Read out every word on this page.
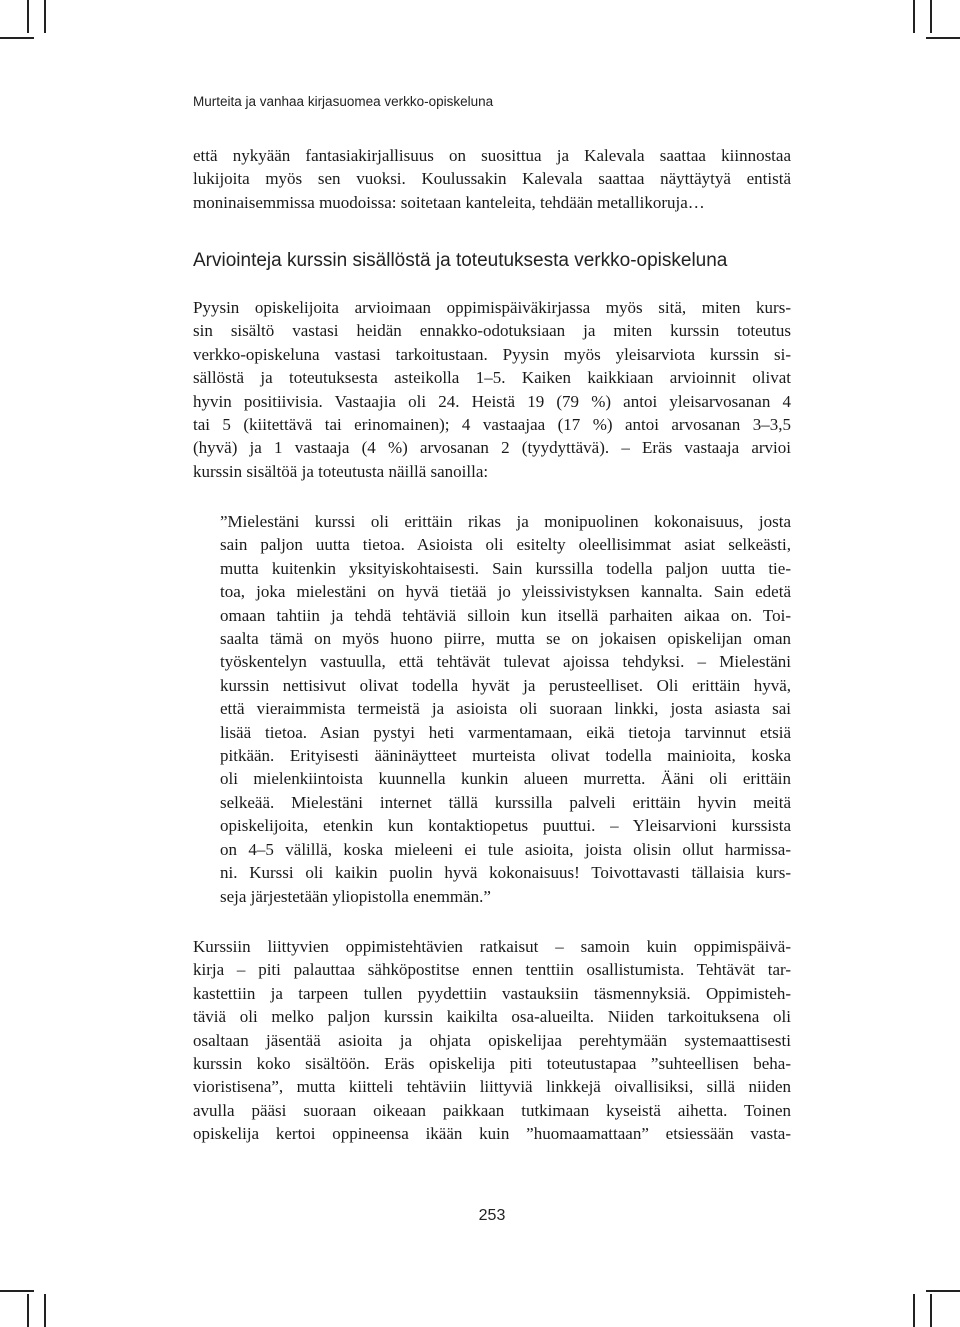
Murteita ja vanhaa kirjasuomea verkko-opiskeluna
että nykyään fantasiakirjallisuus on suosittua ja Kalevala saattaa kiinnostaa
lukijoita myös sen vuoksi. Koulussakin Kalevala saattaa näyttäytyä entistä
moninaisemmissa muodoissa: soitetaan kanteleita, tehdään metallikoruja…
Arviointeja kurssin sisällöstä ja toteutuksesta verkko-opiskeluna
Pyysin opiskelijoita arvioimaan oppimispäiväkirjassa myös sitä, miten kurs-
sin sisältö vastasi heidän ennakko-odotuksiaan ja miten kurssin toteutus
verkko-opiskeluna vastasi tarkoitustaan. Pyysin myös yleisarviota kurssin si-
sällöstä ja toteutuksesta asteikolla 1–5. Kaiken kaikkiaan arvioinnit olivat
hyvin positiivisia. Vastaajia oli 24. Heistä 19 (79 %) antoi yleisarvosanan 4
tai 5 (kiitettävä tai erinomainen); 4 vastaajaa (17 %) antoi arvosanan 3–3,5
(hyvä) ja 1 vastaaja (4 %) arvosanan 2 (tyydyttävä). – Eräs vastaaja arvioi
kurssin sisältöä ja toteutusta näillä sanoilla:
”Mielestäni kurssi oli erittäin rikas ja monipuolinen kokonaisuus, josta
sain paljon uutta tietoa. Asioista oli esitelty oleellisimmat asiat selkeästi,
mutta kuitenkin yksityiskohtaisesti. Sain kurssilla todella paljon uutta tie-
toa, joka mielestäni on hyvä tietää jo yleissivistyksen kannalta. Sain edetä
omaan tahtiin ja tehdä tehtäviä silloin kun itsellä parhaiten aikaa on. Toi-
saalta tämä on myös huono piirre, mutta se on jokaisen opiskelijan oman
työskentelyn vastuulla, että tehtävät tulevat ajoissa tehdyksi. – Mielestäni
kurssin nettisivut olivat todella hyvät ja perusteelliset. Oli erittäin hyvä,
että vieraimmista termeistä ja asioista oli suoraan linkki, josta asiasta sai
lisää tietoa. Asian pystyi heti varmentamaan, eikä tietoja tarvinnut etsiä
pitkään. Erityisesti ääninäytteet murteista olivat todella mainioita, koska
oli mielenkiintoista kuunnella kunkin alueen murretta. Ääni oli erittäin
selkeää. Mielestäni internet tällä kurssilla palveli erittäin hyvin meitä
opiskelijoita, etenkin kun kontaktiopetus puuttui. – Yleisarvioni kurssista
on 4–5 välillä, koska mieleeni ei tule asioita, joista olisin ollut harmissa-
ni. Kurssi oli kaikin puolin hyvä kokonaisuus! Toivottavasti tällaisia kurs-
seja järjestetään yliopistolla enemmän.”
Kurssiin liittyvien oppimistehtävien ratkaisut – samoin kuin oppimispäivä-
kirja – piti palauttaa sähköpostitse ennen tenttiin osallistumista. Tehtävät tar-
kastettiin ja tarpeen tullen pyydettiin vastauksiin täsmennyksiä. Oppimisteh-
täviä oli melko paljon kurssin kaikilta osa-alueilta. Niiden tarkoituksena oli
osaltaan jäsentää asioita ja ohjata opiskelijaa perehtymään systemaattisesti
kurssin koko sisältöön. Eräs opiskelija piti toteutustapaa ”suhteellisen beha-
vioristisena”, mutta kiitteli tehtäviin liittyviä linkkejä oivallisiksi, sillä niiden
avulla pääsi suoraan oikeaan paikkaan tutkimaan kyseistä aihetta. Toinen
opiskelija kertoi oppineensa ikään kuin ”huomaamattaan” etsiessään vasta-
253
